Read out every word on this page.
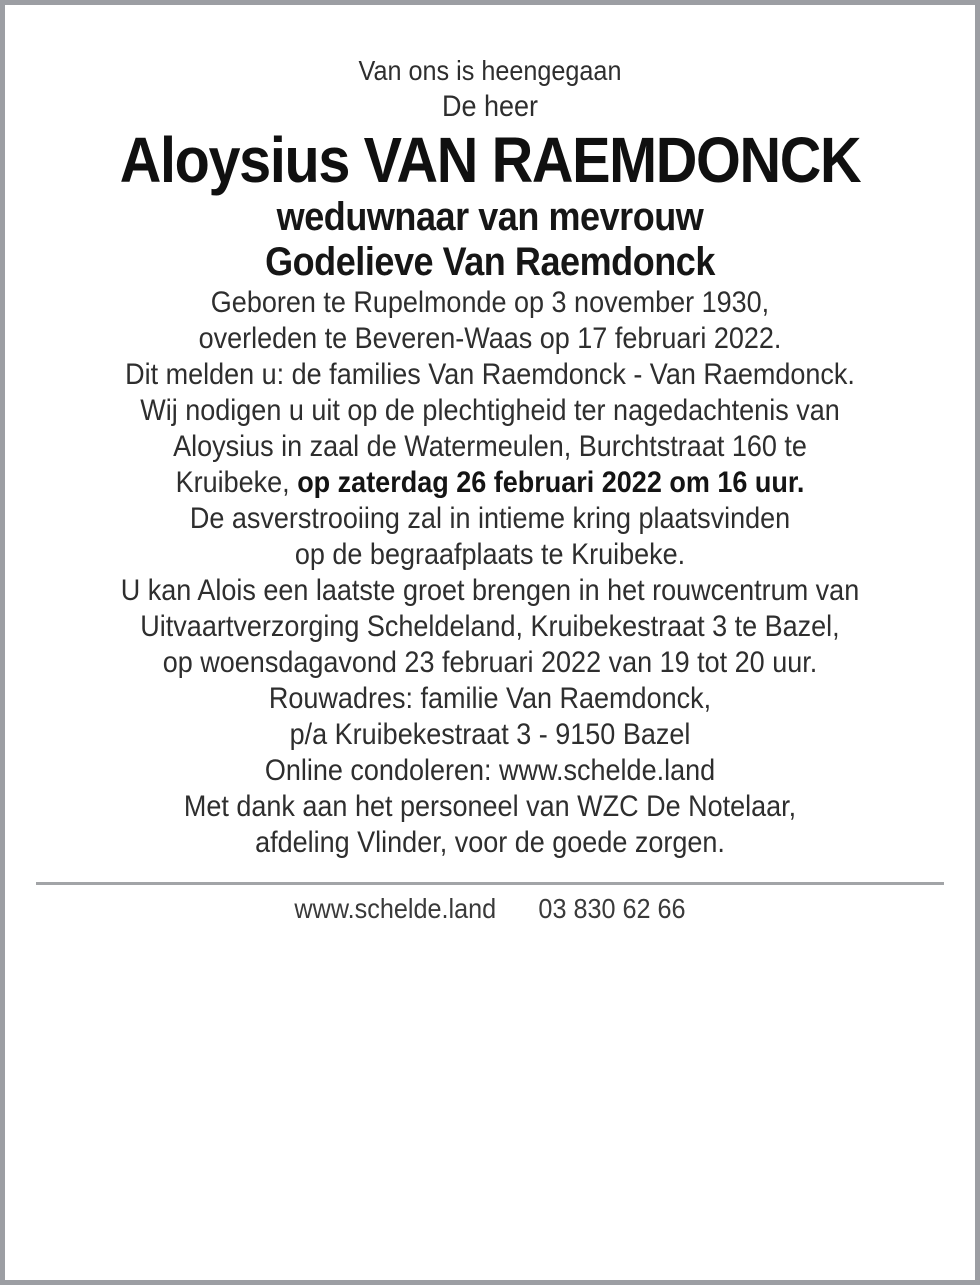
Van ons is heengegaan

De heer

Aloysius VAN RAEMDONCK

weduwnaar van mevrouw
Godelieve Van Raemdonck

Geboren te Rupelmonde op 3 november 1930,
overleden te Beveren-Waas op 17 februari 2022.

Dit melden u: de families Van Raemdonck - Van Raemdonck.

Wij nodigen u uit op de plechtigheid ter nagedachtenis van
Aloysius in zaal de Watermeulen, Burchtstraat 160 te
Kruibeke, op zaterdag 26 februari 2022 om 16 uur.

De asverstrooiing zal in intieme kring plaatsvinden
op de begraafplaats te Kruibeke.

U kan Alois een laatste groet brengen in het rouwcentrum van
Uitvaartverzorging Scheldeland, Kruibekestraat 3 te Bazel,
op woensdagavond 23 februari 2022 van 19 tot 20 uur.

Rouwadres: familie Van Raemdonck,
p/a Kruibekestraat 3 - 9150 Bazel
Online condoleren: www.schelde.land

Met dank aan het personeel van WZC De Notelaar,
afdeling Vlinder, voor de goede zorgen.

www.schelde.land 03 830 62 66
